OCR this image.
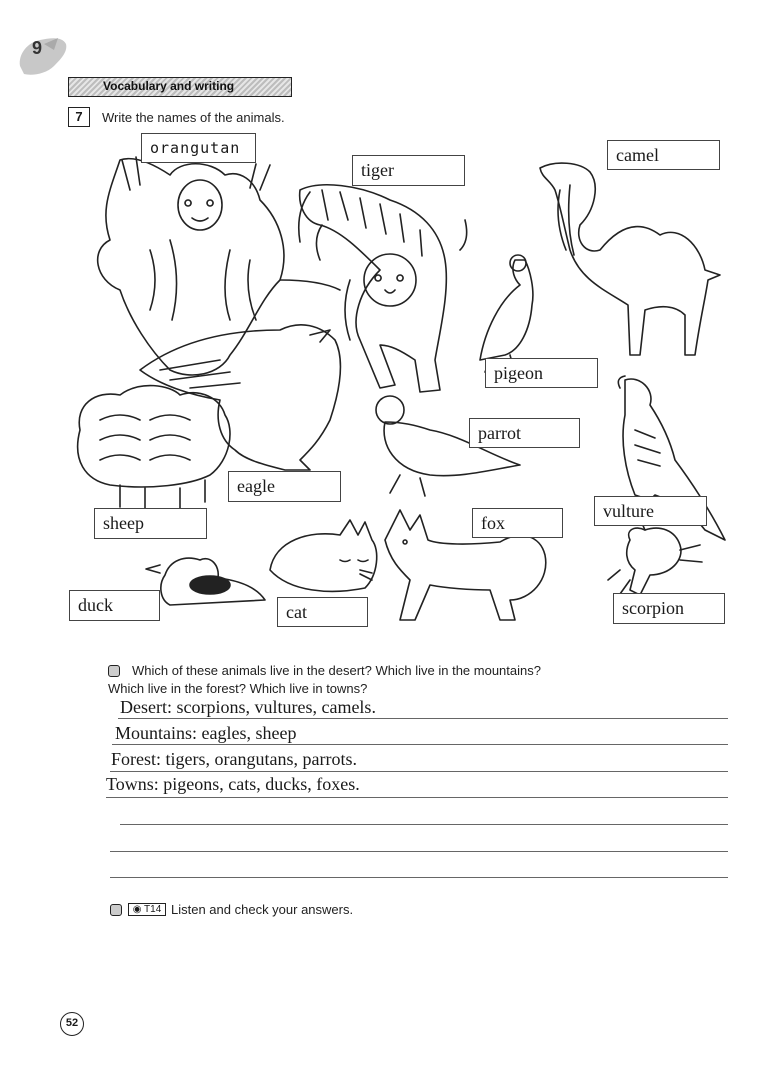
9
Vocabulary and writing
7	Write the names of the animals.
orangutan
tiger
camel
pigeon
parrot
eagle
sheep
vulture
fox
duck	cat	scorpion
Which of these animals live in the desert? Which live in the mountains?
Which live in the forest? Which live in towns?
Desert: scorpions, vultures, camels.
Mountains: eagles, sheep
Forest: tigers, orangutans, parrots.
Towns: pigeons, cats, ducks, foxes.
◉ T14 Listen and check your answers.
52
